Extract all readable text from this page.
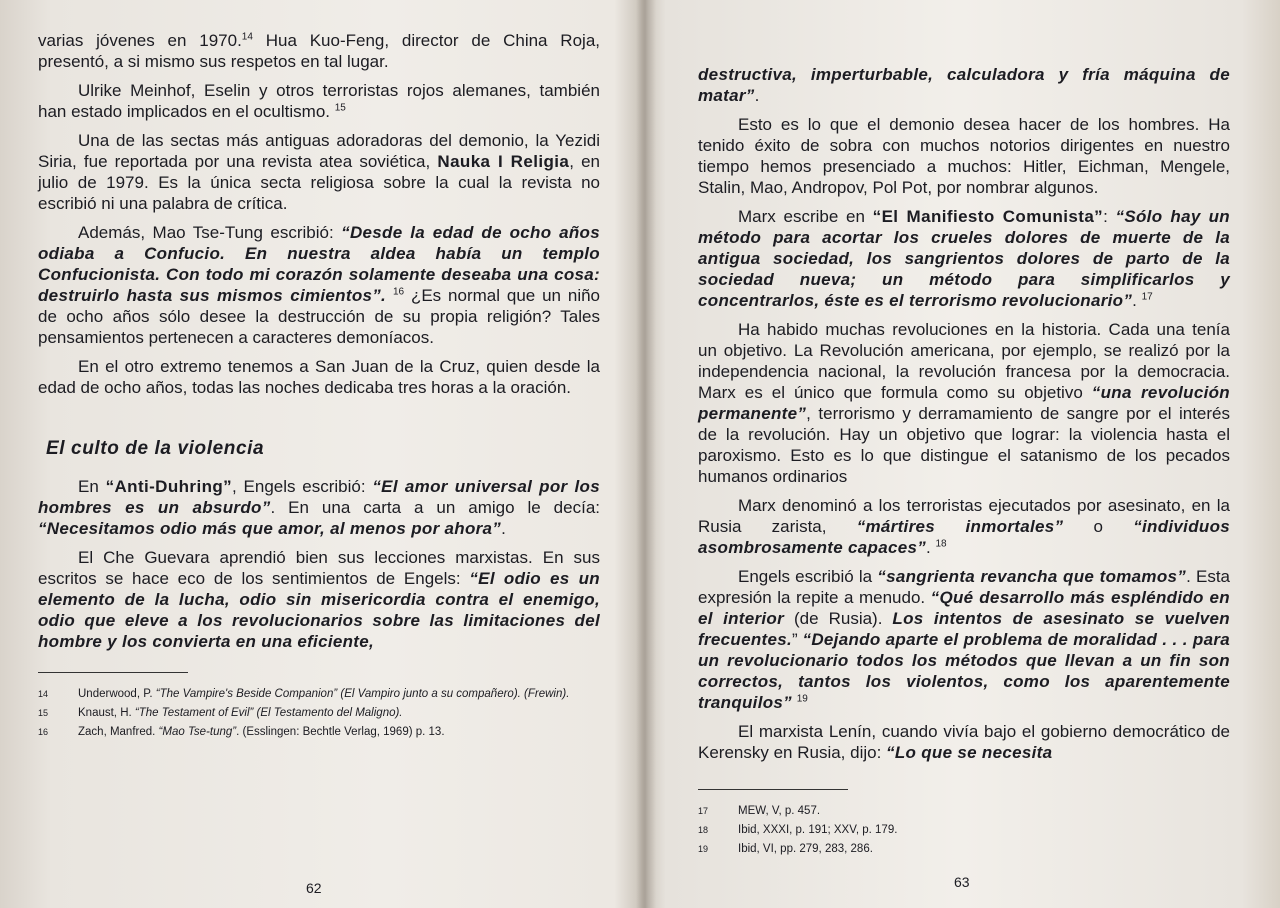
varias jóvenes en 1970.14 Hua Kuo-Feng, director de China Roja, presentó, a si mismo sus respetos en tal lugar.

Ulrike Meinhof, Eselin y otros terroristas rojos alemanes, también han estado implicados en el ocultismo. $^{15}$

Una de las sectas más antiguas adoradoras del demonio, la Yezidi Siria, fue reportada por una revista atea soviética, Nauka I Religia, en julio de 1979. Es la única secta religiosa sobre la cual la revista no escribió ni una palabra de crítica.

Además, Mao Tse-Tung escribió: “Desde la edad de ocho años odiaba a Confucio. En nuestra aldea había un templo Confucionista. Con todo mi corazón solamente deseaba una cosa: destruirlo hasta sus mismos cimientos”. $^{16}$ ¿Es normal que un niño de ocho años sólo desee la destrucción de su propia religión? Tales pensamientos pertenecen a caracteres demoníacos.

En el otro extremo tenemos a San Juan de la Cruz, quien desde la edad de ocho años, todas las noches dedicaba tres horas a la oración.

El culto de la violencia

En “Anti-Duhring”, Engels escribió: “El amor universal por los hombres es un absurdo”. En una carta a un amigo le decía: “Necesitamos odio más que amor, al menos por ahora”.

El Che Guevara aprendió bien sus lecciones marxistas. En sus escritos se hace eco de los sentimientos de Engels: “El odio es un elemento de la lucha, odio sin misericordia contra el enemigo, odio que eleve a los revolucionarios sobre las limitaciones del hombre y los convierta en una eficiente,

14	Underwood, P. “The Vampire's Beside Companion” (El Vampiro junto a su compañero). (Frewin).
15	Knaust, H. “The Testament of Evil” (El Testamento del Maligno).
16	Zach, Manfred. “Mao Tse-tung”. (Esslingen: Bechtle Verlag, 1969) p. 13.
62

destructiva, imperturbable, calculadora y fría máquina de matar”.

Esto es lo que el demonio desea hacer de los hombres. Ha tenido éxito de sobra con muchos notorios dirigentes en nuestro tiempo hemos presenciado a muchos: Hitler, Eichman, Mengele, Stalin, Mao, Andropov, Pol Pot, por nombrar algunos.

Marx escribe en “El Manifiesto Comunista”: “Sólo hay un método para acortar los crueles dolores de muerte de la antigua sociedad, los sangrientos dolores de parto de la sociedad nueva; un método para simplificarlos y concentrarlos, éste es el terrorismo revolucionario”. $^{17}$

Ha habido muchas revoluciones en la historia. Cada una tenía un objetivo. La Revolución americana, por ejemplo, se realizó por la independencia nacional, la revolución francesa por la democracia. Marx es el único que formula como su objetivo “una revolución permanente”, terrorismo y derramamiento de sangre por el interés de la revolución. Hay un objetivo que lograr: la violencia hasta el paroxismo. Esto es lo que distingue el satanismo de los pecados humanos ordinarios

Marx denominó a los terroristas ejecutados por asesinato, en la Rusia zarista, “mártires inmortales” o “individuos asombrosamente capaces”. $^{18}$

Engels escribió la “sangrienta revancha que tomamos”. Esta expresión la repite a menudo. “Qué desarrollo más espléndido en el interior (de Rusia). Los intentos de asesinato se vuelven frecuentes.” “Dejando aparte el problema de moralidad . . . para un revolucionario todos los métodos que llevan a un fin son correctos, tantos los violentos, como los aparentemente tranquilos” $^{19}$

El marxista Lenín, cuando vivía bajo el gobierno democrático de Kerensky en Rusia, dijo: “Lo que se necesita

17	MEW, V, p. 457.
18	Ibid, XXXI, p. 191; XXV, p. 179.
19	Ibid, VI, pp. 279, 283, 286.
63
